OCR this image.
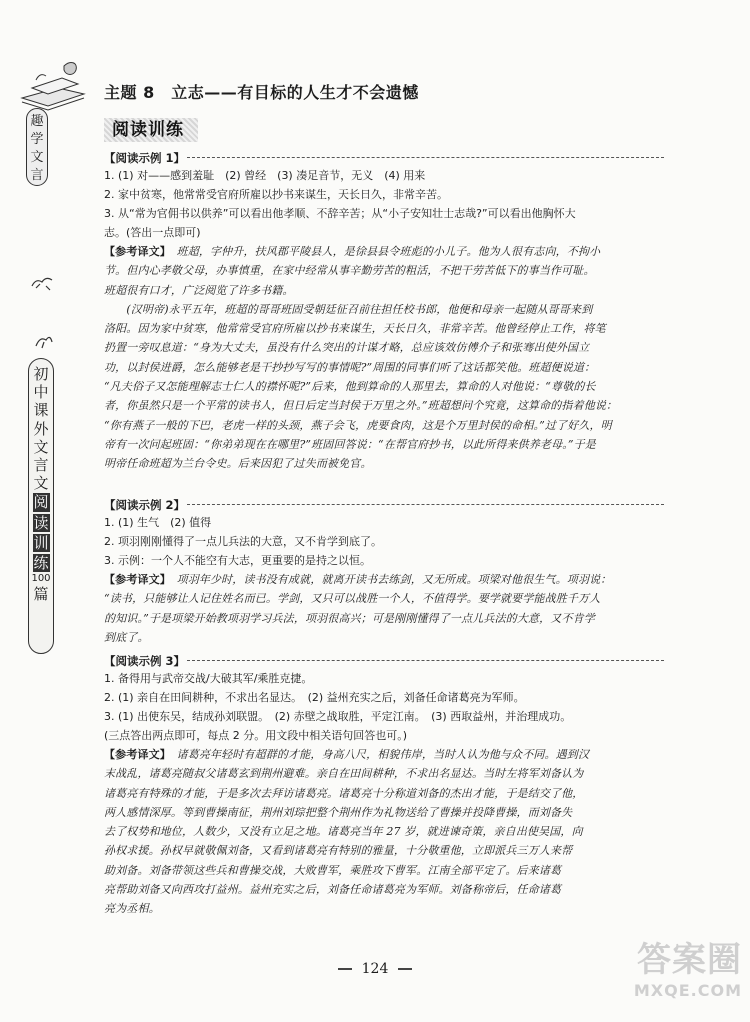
趣
学
文
言
初
中
课
外
文
言
文
阅读训练
100
篇
主题 8　立志——有目标的人生才不会遗憾
阅读训练
【阅读示例 1】
1. (1) 对——感到羞耻　(2) 曾经　(3) 凑足音节，无义　(4) 用来
2. 家中贫寒，他常常受官府所雇以抄书来谋生，天长日久，非常辛苦。
3. 从“常为官佣书以供养”可以看出他孝顺、不辞辛苦；从“小子安知壮士志哉?”可以看出他胸怀大
志。(答出一点即可)
【参考译文】　 班超，字仲升，扶风郡平陵县人，是徐县县令班彪的小儿子。他为人很有志向，不拘小
节。但内心孝敬父母，办事慎重，在家中经常从事辛勤劳苦的粗活，不把干劳苦低下的事当作可耻。
班超很有口才，广泛阅览了许多书籍。
　　(汉明帝)永平五年，班超的哥哥班固受朝廷征召前往担任校书郎，他便和母亲一起随从哥哥来到
洛阳。因为家中贫寒，他常常受官府所雇以抄书来谋生，天长日久，非常辛苦。他曾经停止工作，将笔
扔置一旁叹息道：“身为大丈夫，虽没有什么突出的计谋才略，总应该效仿傅介子和张骞出使外国立
功，以封侯进爵，怎么能够老是干抄抄写写的事情呢?”周围的同事们听了这话都笑他。班超便说道：
“凡夫俗子又怎能理解志士仁人的襟怀呢?”后来，他到算命的人那里去，算命的人对他说：“尊敬的长
者，你虽然只是一个平常的读书人，但日后定当封侯于万里之外。”班超想问个究竟，这算命的指着他说：
“你有燕子一般的下巴，老虎一样的头颈，燕子会飞，虎要食肉，这是个万里封侯的命相。”过了好久，明
帝有一次问起班固：“你弟弟现在在哪里?”班固回答说：“在帮官府抄书，以此所得来供养老母。”于是
明帝任命班超为兰台令史。后来因犯了过失而被免官。
【阅读示例 2】
1. (1) 生气　(2) 值得
2. 项羽刚刚懂得了一点儿兵法的大意，又不肯学到底了。
3. 示例：一个人不能空有大志，更重要的是持之以恒。
【参考译文】　 项羽年少时，读书没有成就，就离开读书去练剑，又无所成。项梁对他很生气。项羽说：
“读书，只能够让人记住姓名而已。学剑，又只可以战胜一个人，不值得学。要学就要学能战胜千万人
的知识。”于是项梁开始教项羽学习兵法，项羽很高兴；可是刚刚懂得了一点儿兵法的大意，又不肯学
到底了。
【阅读示例 3】
1. 备得用与武帝交战/大破其军/乘胜克捷。
2. (1) 亲自在田间耕种，不求出名显达。　(2) 益州充实之后，刘备任命诸葛亮为军师。
3. (1) 出使东吴，结成孙刘联盟。　(2) 赤壁之战取胜，平定江南。　(3) 西取益州，并治理成功。
(三点答出两点即可，每点 2 分。用文段中相关语句回答也可。)
【参考译文】　 诸葛亮年轻时有超群的才能，身高八尺，相貌伟岸，当时人认为他与众不同。遇到汉
末战乱，诸葛亮随叔父诸葛玄到荆州避难。亲自在田间耕种，不求出名显达。当时左将军刘备认为
诸葛亮有特殊的才能，于是多次去拜访诸葛亮。诸葛亮十分称道刘备的杰出才能，于是结交了他，
两人感情深厚。等到曹操南征，荆州刘琮把整个荆州作为礼物送给了曹操并投降曹操，而刘备失
去了权势和地位，人数少，又没有立足之地。诸葛亮当年 27 岁，就进谏奇策，亲自出使吴国，向
孙权求援。孙权早就敬佩刘备，又看到诸葛亮有特别的雅量，十分敬重他，立即派兵三万人来帮
助刘备。刘备带领这些兵和曹操交战，大败曹军，乘胜攻下曹军。江南全部平定了。后来诸葛
亮帮助刘备又向西攻打益州。益州充实之后，刘备任命诸葛亮为军师。刘备称帝后，任命诸葛
亮为丞相。
124	答案圈
MXQE.COM
